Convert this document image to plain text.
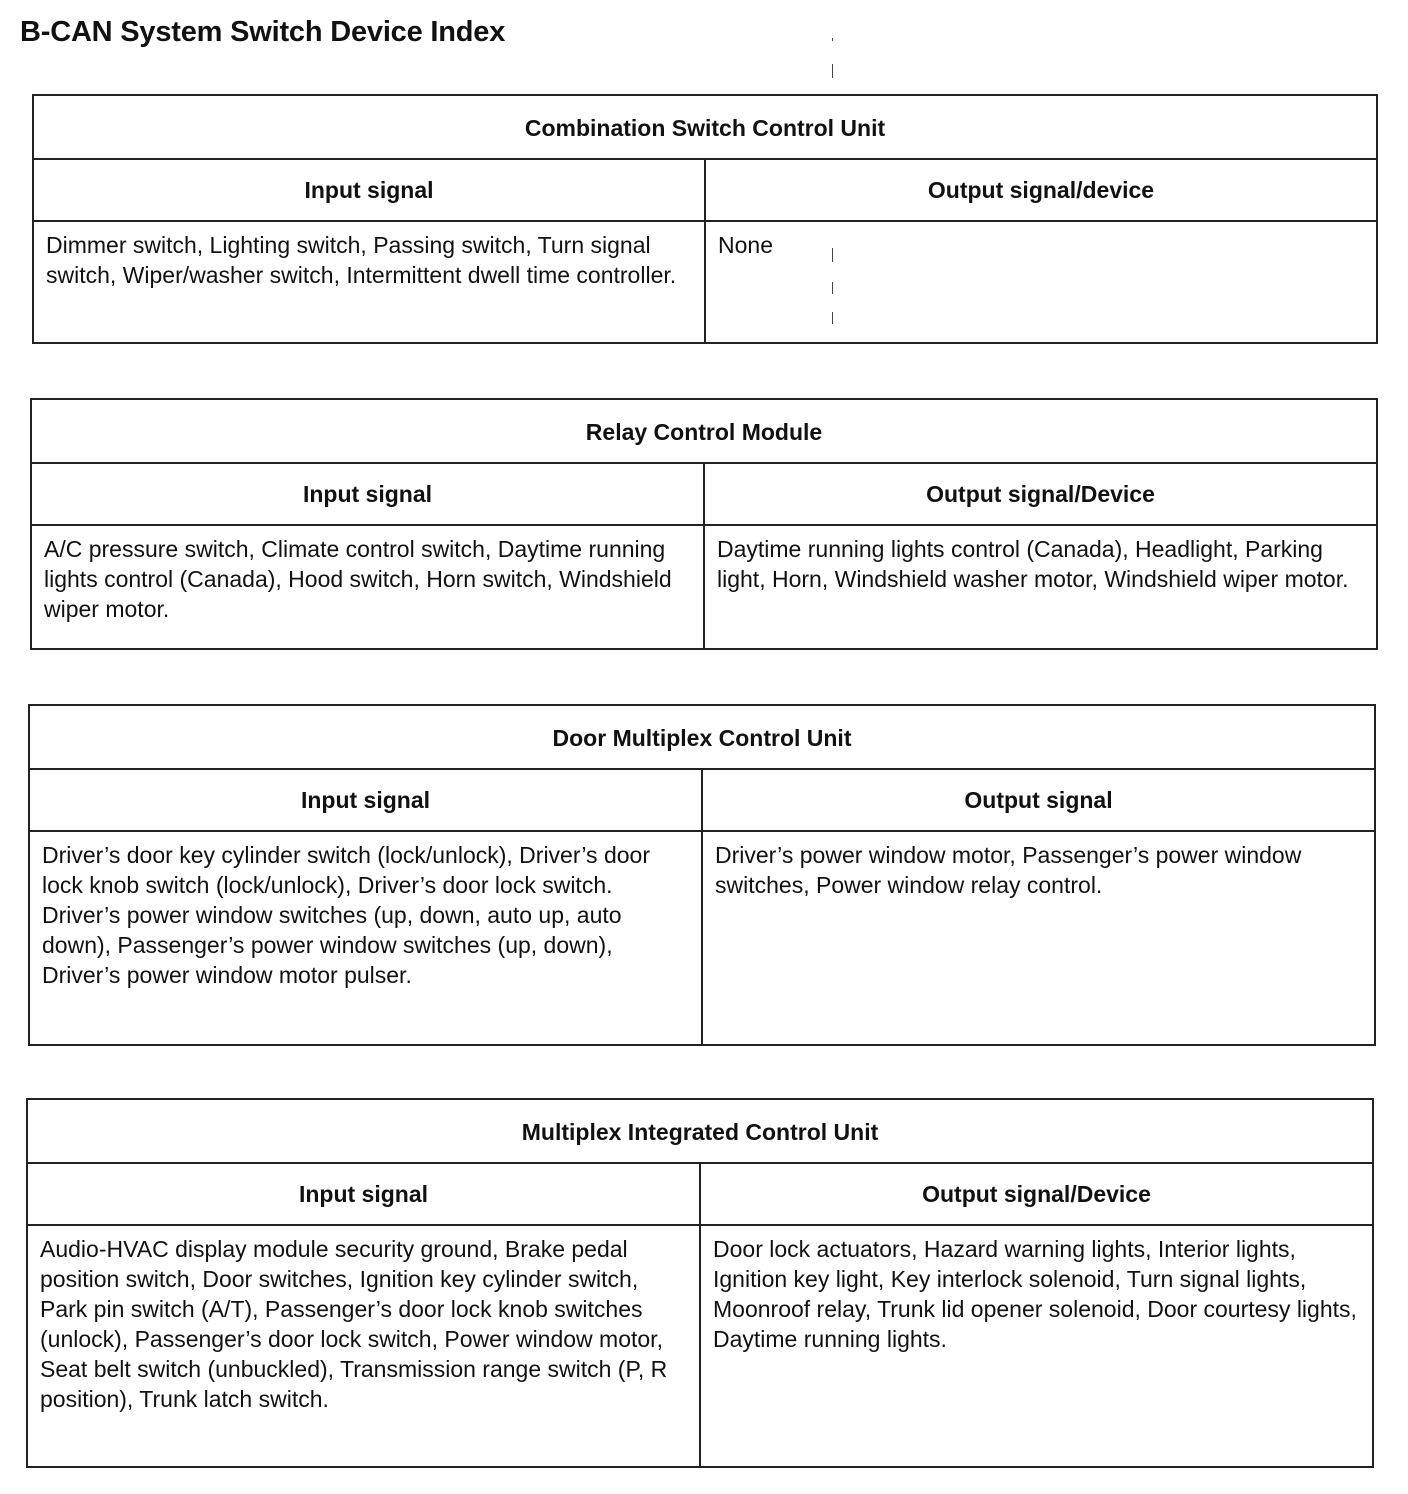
B-CAN System Switch Device Index
Combination Switch Control Unit
Input signal
Dimmer switch, Lighting switch, Passing switch, Turn signal switch, Wiper/washer switch, Intermittent dwell time controller.
Output signal/device
None
Relay Control Module
Input signal
A/C pressure switch, Climate control switch, Daytime running lights control (Canada), Hood switch, Horn switch, Windshield wiper motor.
Output signal/Device
Daytime running lights control (Canada), Headlight, Parking light, Horn, Windshield washer motor, Windshield wiper motor.
Door Multiplex Control Unit
Input signal
Driver’s door key cylinder switch (lock/unlock), Driver’s door lock knob switch (lock/unlock), Driver’s door lock switch. Driver’s power window switches (up, down, auto up, auto down), Passenger’s power window switches (up, down), Driver’s power window motor pulser.
Output signal
Driver’s power window motor, Passenger’s power window switches, Power window relay control.
Multiplex Integrated Control Unit
Input signal
Audio-HVAC display module security ground, Brake pedal position switch, Door switches, Ignition key cylinder switch, Park pin switch (A/T), Passenger’s door lock knob switches (unlock), Passenger’s door lock switch, Power window motor, Seat belt switch (unbuckled), Transmission range switch (P, R position), Trunk latch switch.
Output signal/Device
Door lock actuators, Hazard warning lights, Interior lights, Ignition key light, Key interlock solenoid, Turn signal lights, Moonroof relay, Trunk lid opener solenoid, Door courtesy lights, Daytime running lights.
